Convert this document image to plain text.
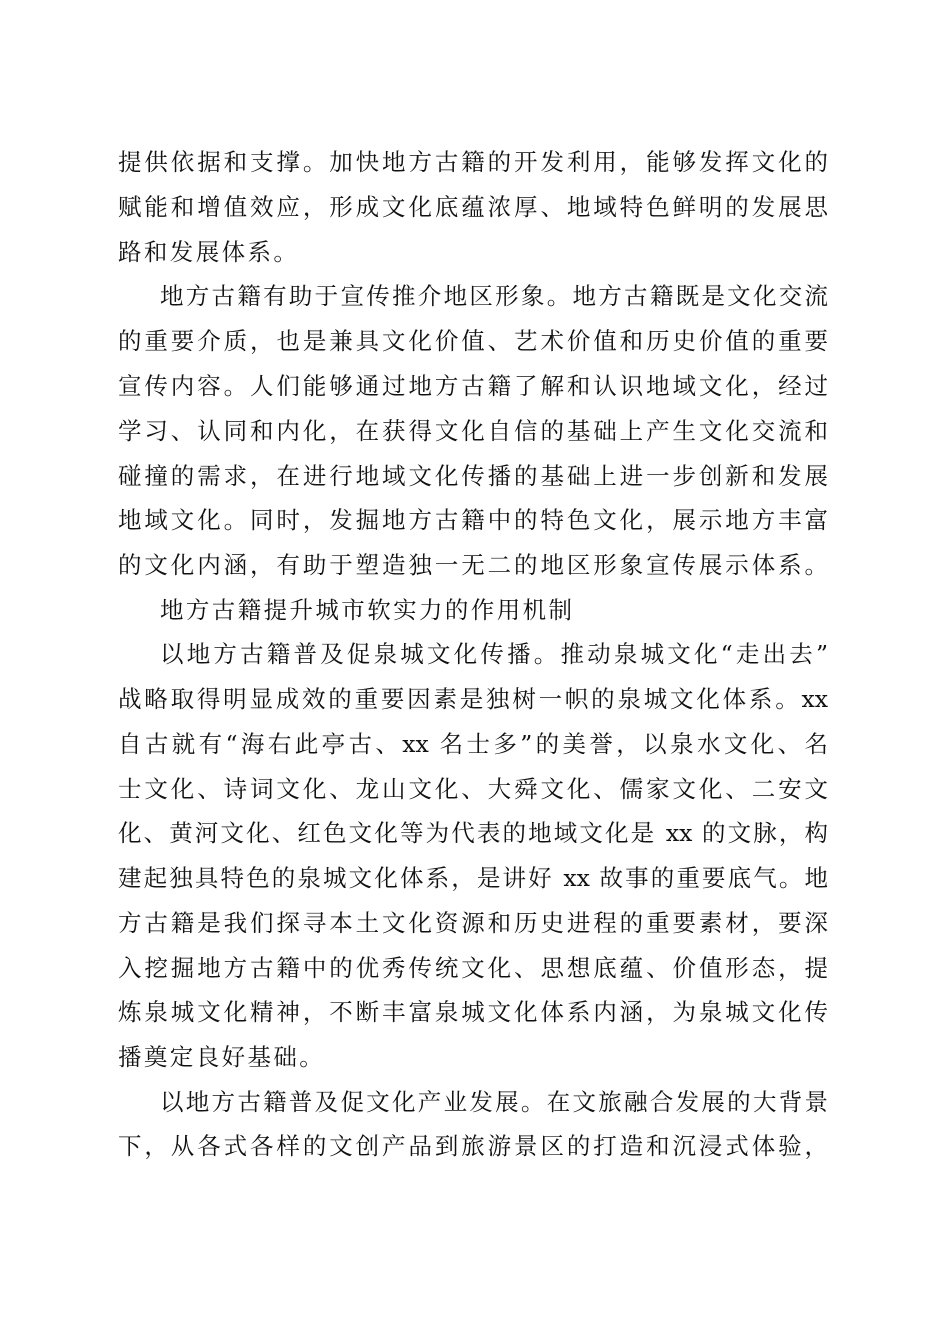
提供依据和支撑。加快地方古籍的开发利用，能够发挥文化的
赋能和增值效应，形成文化底蕴浓厚、地域特色鲜明的发展思
路和发展体系。
地方古籍有助于宣传推介地区形象。地方古籍既是文化交流
的重要介质，也是兼具文化价值、艺术价值和历史价值的重要
宣传内容。人们能够通过地方古籍了解和认识地域文化，经过
学习、认同和内化，在获得文化自信的基础上产生文化交流和
碰撞的需求，在进行地域文化传播的基础上进一步创新和发展
地域文化。同时，发掘地方古籍中的特色文化，展示地方丰富
的文化内涵，有助于塑造独一无二的地区形象宣传展示体系。
地方古籍提升城市软实力的作用机制
以地方古籍普及促泉城文化传播。推动泉城文化“走出去”
战略取得明显成效的重要因素是独树一帜的泉城文化体系。xx
自古就有“海右此亭古、xx 名士多”的美誉，以泉水文化、名
士文化、诗词文化、龙山文化、大舜文化、儒家文化、二安文
化、黄河文化、红色文化等为代表的地域文化是 xx 的文脉，构
建起独具特色的泉城文化体系，是讲好 xx 故事的重要底气。地
方古籍是我们探寻本土文化资源和历史进程的重要素材，要深
入挖掘地方古籍中的优秀传统文化、思想底蕴、价值形态，提
炼泉城文化精神，不断丰富泉城文化体系内涵，为泉城文化传
播奠定良好基础。
以地方古籍普及促文化产业发展。在文旅融合发展的大背景
下，从各式各样的文创产品到旅游景区的打造和沉浸式体验，
